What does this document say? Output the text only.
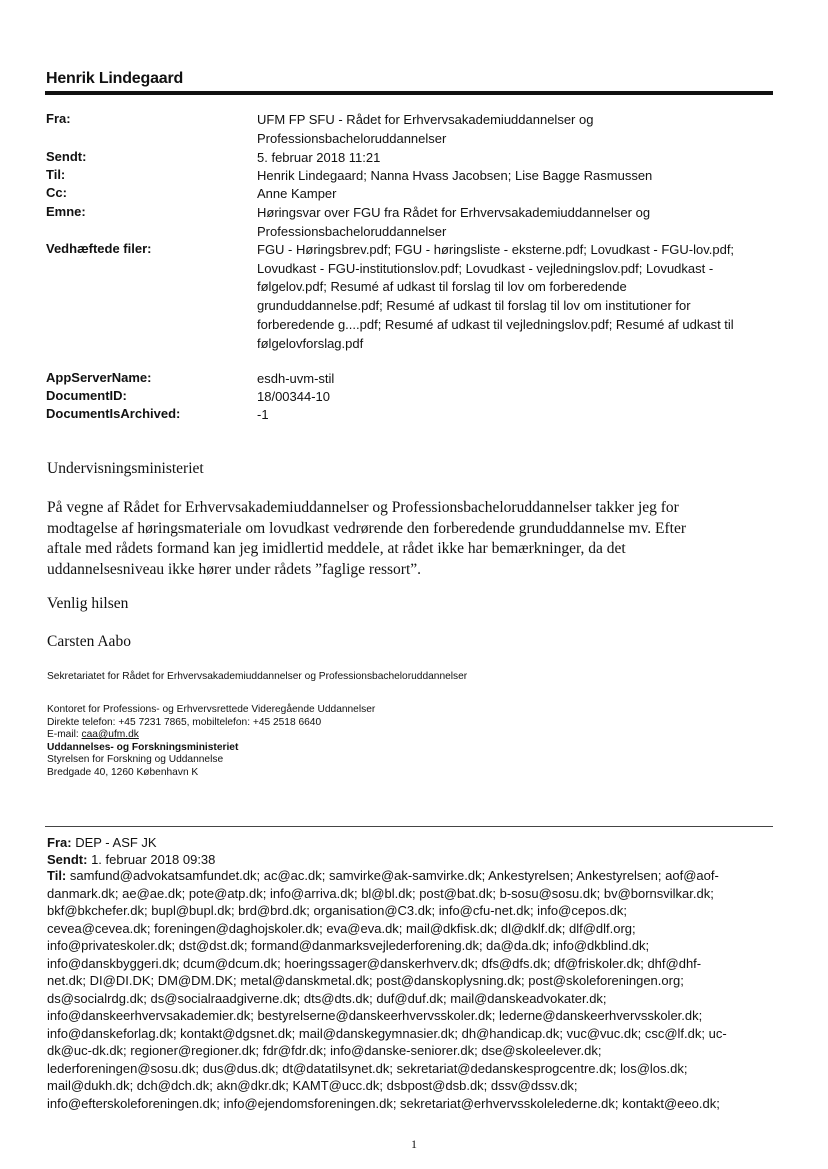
Henrik Lindegaard
Fra:	UFM FP SFU - Rådet for Erhvervsakademiuddannelser og
Professionsbacheloruddannelser
Sendt:	5. februar 2018 11:21
Til:	Henrik Lindegaard; Nanna Hvass Jacobsen; Lise Bagge Rasmussen
Cc:	Anne Kamper
Emne:	Høringsvar over FGU fra Rådet for Erhvervsakademiuddannelser og
Professionsbacheloruddannelser
Vedhæftede filer:	FGU - Høringsbrev.pdf; FGU - høringsliste - eksterne.pdf; Lovudkast - FGU-lov.pdf;
Lovudkast - FGU-institutionslov.pdf; Lovudkast - vejledningslov.pdf; Lovudkast -
følgelov.pdf; Resumé af udkast til forslag til lov om forberedende
grunduddannelse.pdf; Resumé af udkast til forslag til lov om institutioner for
forberedende g....pdf; Resumé af udkast til vejledningslov.pdf; Resumé af udkast til
følgelovforslag.pdf
AppServerName:	esdh-uvm-stil
DocumentID:	18/00344-10
DocumentIsArchived:	-1
Undervisningsministeriet
På vegne af Rådet for Erhvervsakademiuddannelser og Professionsbacheloruddannelser takker jeg for
modtagelse af høringsmateriale om lovudkast vedrørende den forberedende grunduddannelse mv. Efter
aftale med rådets formand kan jeg imidlertid meddele, at rådet ikke har bemærkninger, da det
uddannelsesniveau ikke hører under rådets ”faglige ressort”.
Venlig hilsen
Carsten Aabo
Sekretariatet for Rådet for Erhvervsakademiuddannelser og Professionsbacheloruddannelser
Kontoret for Professions- og Erhvervsrettede Videregående Uddannelser
Direkte telefon: +45 7231 7865, mobiltelefon: +45 2518 6640
E-mail: caa@ufm.dk
Uddannelses- og Forskningsministeriet
Styrelsen for Forskning og Uddannelse
Bredgade 40, 1260 København K
Fra: DEP - ASF JK
Sendt: 1. februar 2018 09:38
Til: samfund@advokatsamfundet.dk; ac@ac.dk; samvirke@ak-samvirke.dk; Ankestyrelsen; Ankestyrelsen; aof@aof-
danmark.dk; ae@ae.dk; pote@atp.dk; info@arriva.dk; bl@bl.dk; post@bat.dk; b-sosu@sosu.dk; bv@bornsvilkar.dk;
bkf@bkchefer.dk; bupl@bupl.dk; brd@brd.dk; organisation@C3.dk; info@cfu-net.dk; info@cepos.dk;
cevea@cevea.dk; foreningen@daghojskoler.dk; eva@eva.dk; mail@dkfisk.dk; dl@dklf.dk; dlf@dlf.org;
info@privateskoler.dk; dst@dst.dk; formand@danmarksvejlederforening.dk; da@da.dk; info@dkblind.dk;
info@danskbyggeri.dk; dcum@dcum.dk; hoeringssager@danskerhverv.dk; dfs@dfs.dk; df@friskoler.dk; dhf@dhf-
net.dk; DI@DI.DK; DM@DM.DK; metal@danskmetal.dk; post@danskoplysning.dk; post@skoleforeningen.org;
ds@socialrdg.dk; ds@socialraadgiverne.dk; dts@dts.dk; duf@duf.dk; mail@danskeadvokater.dk;
info@danskeerhvervsakademier.dk; bestyrelserne@danskeerhvervsskoler.dk; lederne@danskeerhvervsskoler.dk;
info@danskeforlag.dk; kontakt@dgsnet.dk; mail@danskegymnasier.dk; dh@handicap.dk; vuc@vuc.dk; csc@lf.dk; uc-
dk@uc-dk.dk; regioner@regioner.dk; fdr@fdr.dk; info@danske-seniorer.dk; dse@skoleelever.dk;
lederforeningen@sosu.dk; dus@dus.dk; dt@datatilsynet.dk; sekretariat@dedanskesprogcentre.dk; los@los.dk;
mail@dukh.dk; dch@dch.dk; akn@dkr.dk; KAMT@ucc.dk; dsbpost@dsb.dk; dssv@dssv.dk;
info@efterskoleforeningen.dk; info@ejendomsforeningen.dk; sekretariat@erhvervsskolelederne.dk; kontakt@eeo.dk;
1
